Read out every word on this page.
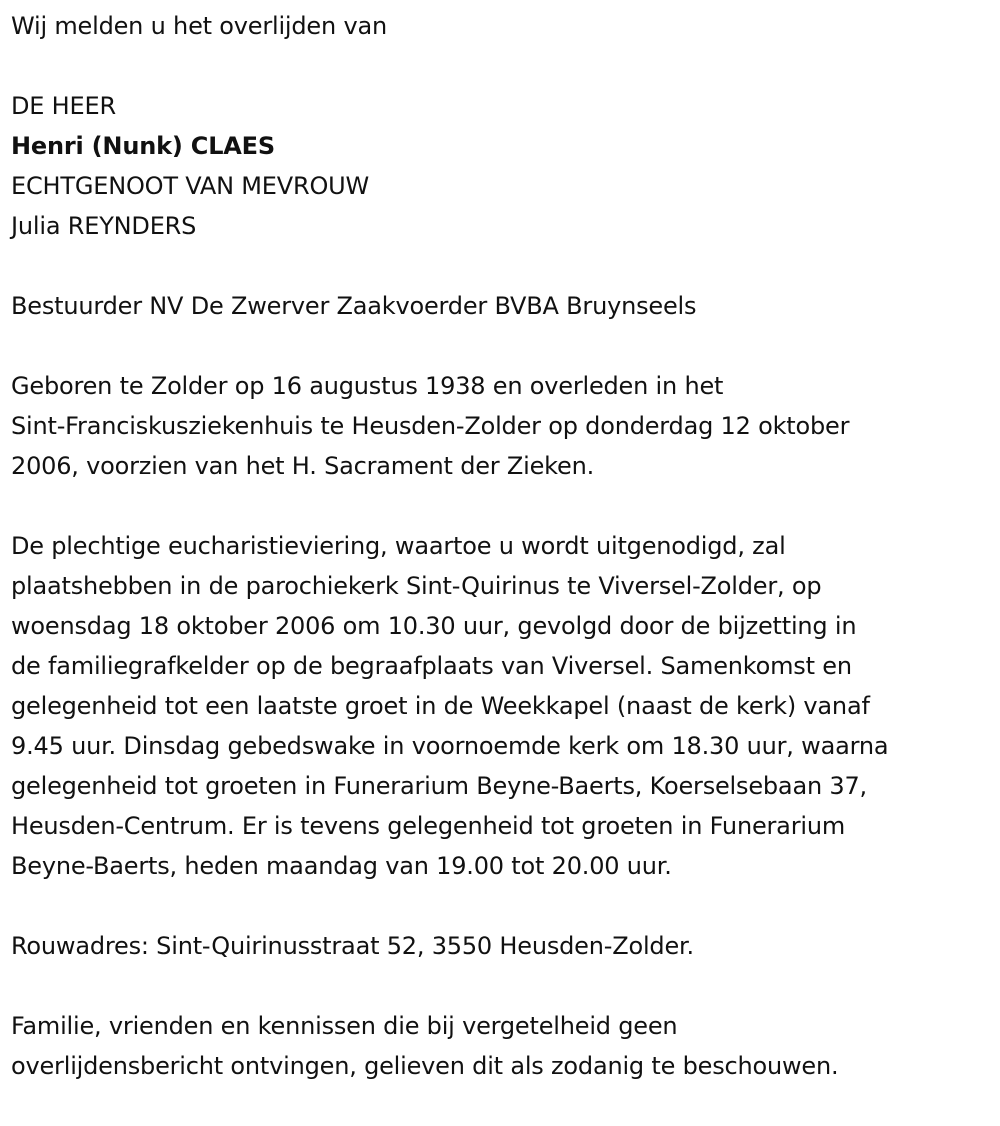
Wij melden u het overlijden van

DE HEER

Henri (Nunk) CLAES

ECHTGENOOT VAN MEVROUW

Julia REYNDERS

Bestuurder NV De Zwerver Zaakvoerder BVBA Bruynseels

Geboren te Zolder op 16 augustus 1938 en overleden in het

Sint-Franciskusziekenhuis te Heusden-Zolder op donderdag 12 oktober

2006, voorzien van het H. Sacrament der Zieken.

De plechtige eucharistieviering, waartoe u wordt uitgenodigd, zal

plaatshebben in de parochiekerk Sint-Quirinus te Viversel-Zolder, op

woensdag 18 oktober 2006 om 10.30 uur, gevolgd door de bijzetting in

de familiegrafkelder op de begraafplaats van Viversel. Samenkomst en

gelegenheid tot een laatste groet in de Weekkapel (naast de kerk) vanaf

9.45 uur. Dinsdag gebedswake in voornoemde kerk om 18.30 uur, waarna

gelegenheid tot groeten in Funerarium Beyne-Baerts, Koerselsebaan 37,

Heusden-Centrum. Er is tevens gelegenheid tot groeten in Funerarium

Beyne-Baerts, heden maandag van 19.00 tot 20.00 uur.

Rouwadres: Sint-Quirinusstraat 52, 3550 Heusden-Zolder.

Familie, vrienden en kennissen die bij vergetelheid geen

overlijdensbericht ontvingen, gelieven dit als zodanig te beschouwen.
